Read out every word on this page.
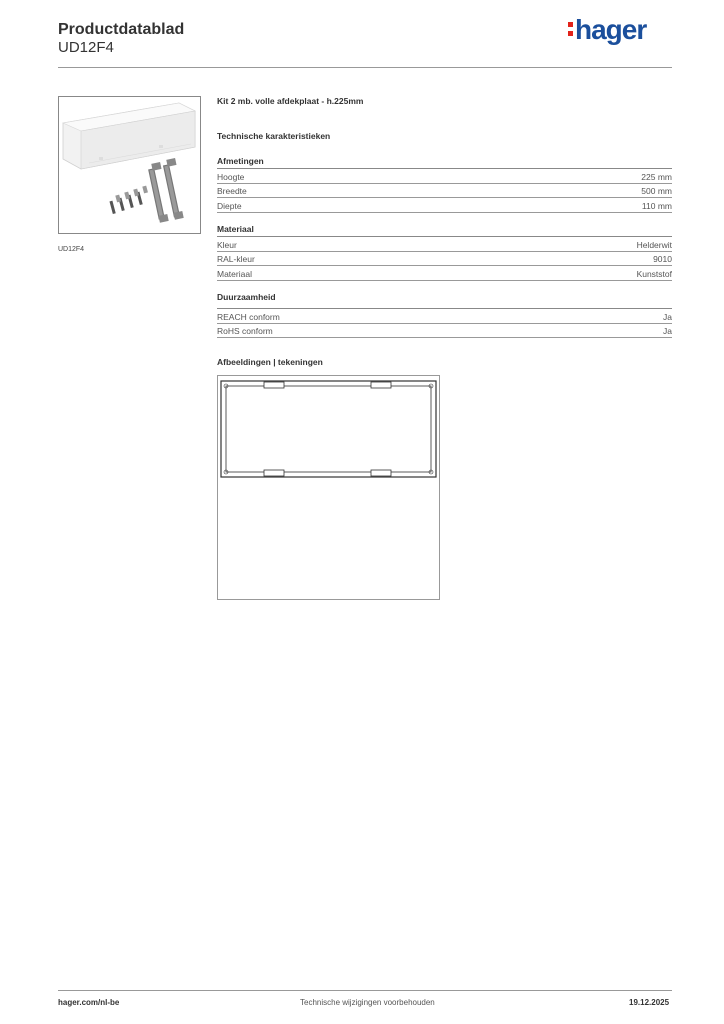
Productdatablad
UD12F4
hager
UD12F4
Kit 2 mb. volle afdekplaat - h.225mm
Technische karakteristieken
Afmetingen
Hoogte	225 mm
Breedte	500 mm
Diepte	110 mm
Materiaal
Kleur	Helderwit
RAL-kleur	9010
Materiaal	Kunststof
Duurzaamheid
REACH conform	Ja
RoHS conform	Ja
Afbeeldingen | tekeningen
hager.com/nl-be	Technische wijzigingen voorbehouden	19.12.2025
